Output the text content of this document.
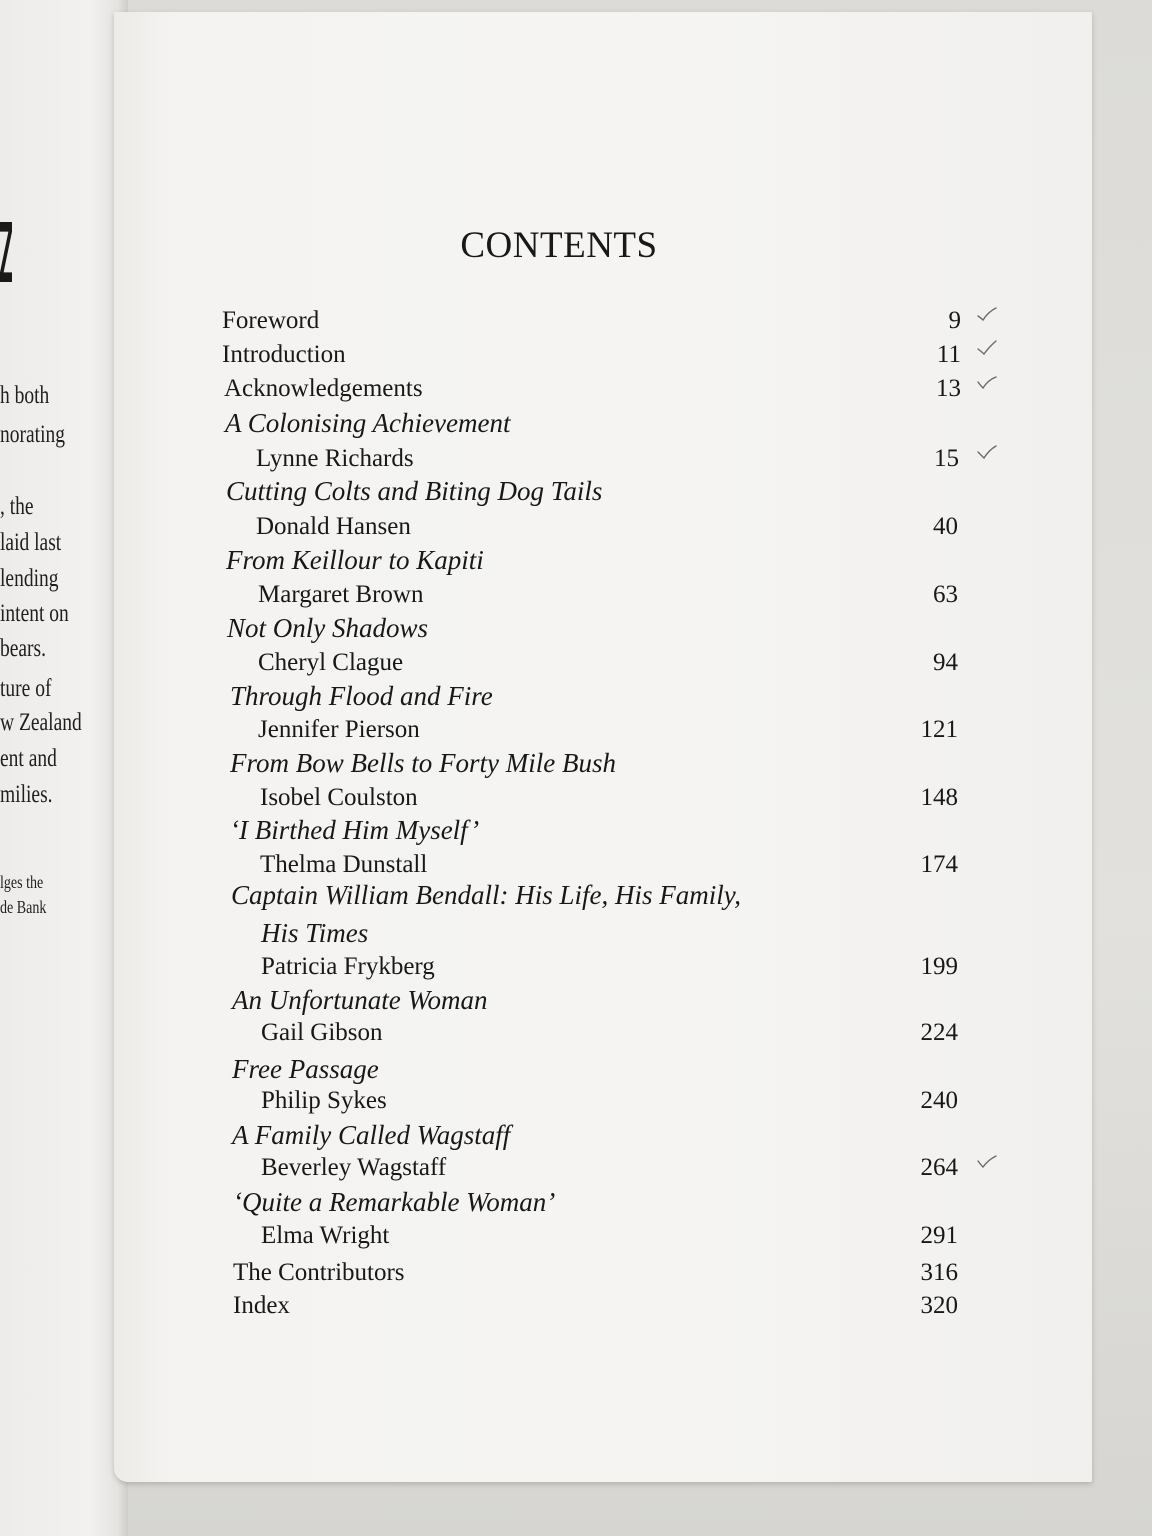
h both
norating
, the
laid last
lending
intent on
bears.
ture of
w Zealand
ent and
milies.
lges the
de Bank
CONTENTS
Foreword	9
Introduction	11
Acknowledgements	13
A Colonising Achievement
Lynne Richards	15
Cutting Colts and Biting Dog Tails
Donald Hansen	40
From Keillour to Kapiti
Margaret Brown	63
Not Only Shadows
Cheryl Clague	94
Through Flood and Fire
Jennifer Pierson	121
From Bow Bells to Forty Mile Bush
Isobel Coulston	148
‘I Birthed Him Myself’
Thelma Dunstall	174
Captain William Bendall: His Life, His Family,
His Times
Patricia Frykberg	199
An Unfortunate Woman
Gail Gibson	224
Free Passage
Philip Sykes	240
A Family Called Wagstaff
Beverley Wagstaff	264
‘Quite a Remarkable Woman’
Elma Wright	291
The Contributors	316
Index	320
